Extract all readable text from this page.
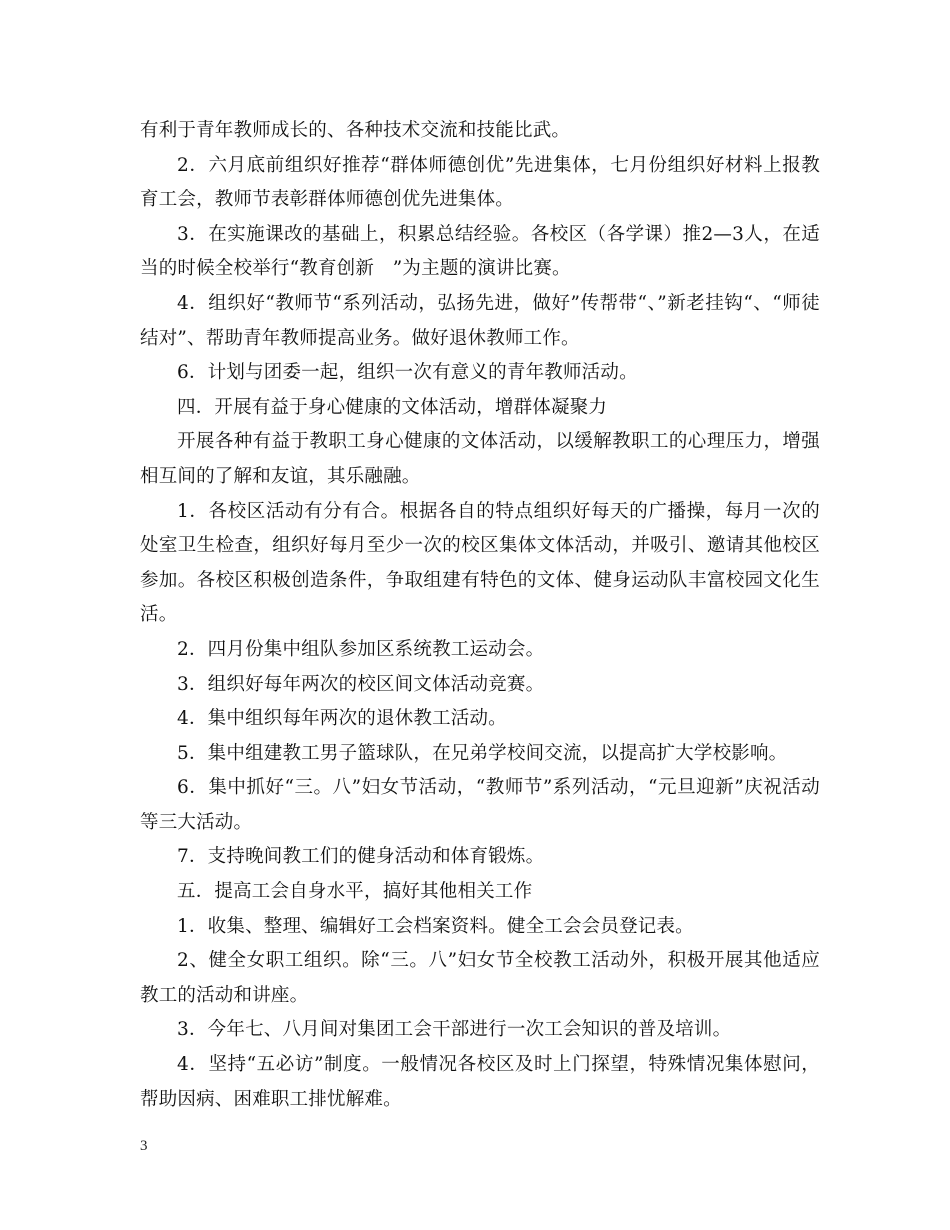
有利于青年教师成长的、各种技术交流和技能比武。

2．六月底前组织好推荐“群体师德创优”先进集体，七月份组织好材料上报教育工会，教师节表彰群体师德创优先进集体。

3．在实施课改的基础上，积累总结经验。各校区（各学课）推2—3人，在适当的时候全校举行“教育创新　”为主题的演讲比赛。

4．组织好“教师节“系列活动，弘扬先进，做好”传帮带“、”新老挂钩“、“师徒结对”、帮助青年教师提高业务。做好退休教师工作。

6．计划与团委一起，组织一次有意义的青年教师活动。

四．开展有益于身心健康的文体活动，增群体凝聚力

开展各种有益于教职工身心健康的文体活动，以缓解教职工的心理压力，增强相互间的了解和友谊，其乐融融。

1．各校区活动有分有合。根据各自的特点组织好每天的广播操，每月一次的处室卫生检查，组织好每月至少一次的校区集体文体活动，并吸引、邀请其他校区参加。各校区积极创造条件，争取组建有特色的文体、健身运动队丰富校园文化生活。

2．四月份集中组队参加区系统教工运动会。

3．组织好每年两次的校区间文体活动竞赛。

4．集中组织每年两次的退休教工活动。

5．集中组建教工男子篮球队，在兄弟学校间交流，以提高扩大学校影响。

6．集中抓好“三。八”妇女节活动，“教师节”系列活动，“元旦迎新”庆祝活动等三大活动。

7．支持晚间教工们的健身活动和体育锻炼。

五．提高工会自身水平，搞好其他相关工作

1．收集、整理、编辑好工会档案资料。健全工会会员登记表。

2、健全女职工组织。除“三。八”妇女节全校教工活动外，积极开展其他适应教工的活动和讲座。

3．今年七、八月间对集团工会干部进行一次工会知识的普及培训。

4．坚持“五必访”制度。一般情况各校区及时上门探望，特殊情况集体慰问，帮助因病、困难职工排忧解难。

3
